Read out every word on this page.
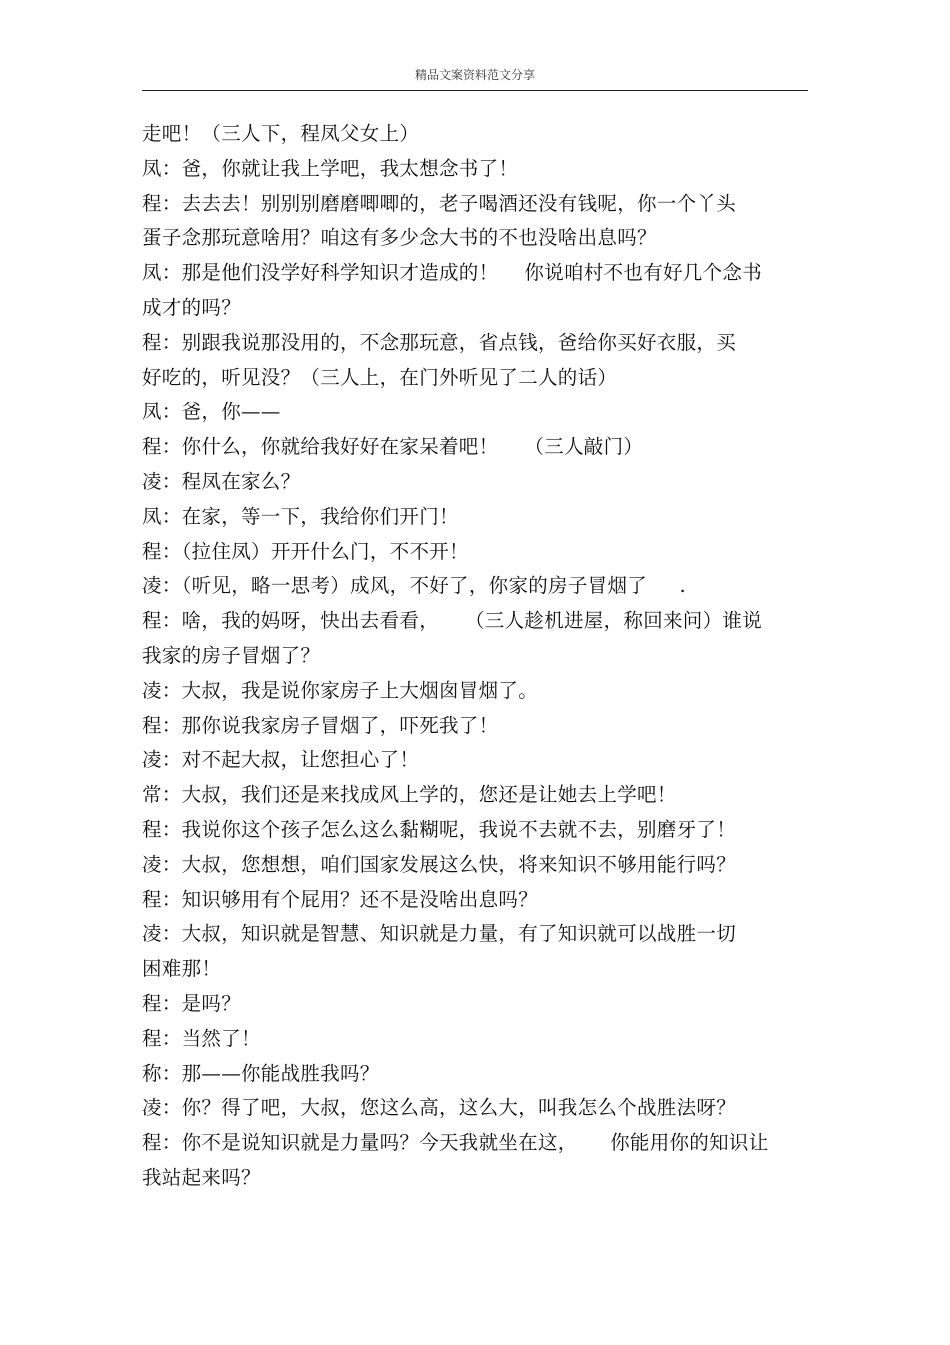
精品文案资料范文分享
走吧！（三人下，程凤父女上）
凤：爸，你就让我上学吧，我太想念书了！
程：去去去！别别别磨磨唧唧的，老子喝酒还没有钱呢，你一个丫头
蛋子念那玩意啥用？咱这有多少念大书的不也没啥出息吗？
凤：那是他们没学好科学知识才造成的！    你说咱村不也有好几个念书
成才的吗？
程：别跟我说那没用的，不念那玩意，省点钱，爸给你买好衣服，买
好吃的，听见没？（三人上，在门外听见了二人的话）
凤：爸，你——
程：你什么，你就给我好好在家呆着吧！    （三人敲门）
凌：程凤在家么？
凤：在家，等一下，我给你们开门！
程：（拉住凤）开开什么门，不不开！
凌：（听见，略一思考）成风，不好了，你家的房子冒烟了     .
程：啥，我的妈呀，快出去看看，    （三人趁机进屋，称回来问）谁说
我家的房子冒烟了？
凌：大叔，我是说你家房子上大烟囱冒烟了。
程：那你说我家房子冒烟了，吓死我了！
凌：对不起大叔，让您担心了！
常：大叔，我们还是来找成风上学的，您还是让她去上学吧！
程：我说你这个孩子怎么这么黏糊呢，我说不去就不去，别磨牙了！
凌：大叔，您想想，咱们国家发展这么快，将来知识不够用能行吗？
程：知识够用有个屁用？还不是没啥出息吗？
凌：大叔，知识就是智慧、知识就是力量，有了知识就可以战胜一切
困难那！
程：是吗？
程：当然了！
称：那——你能战胜我吗？
凌：你？得了吧，大叔，您这么高，这么大，叫我怎么个战胜法呀？
程：你不是说知识就是力量吗？今天我就坐在这，     你能用你的知识让
我站起来吗？
